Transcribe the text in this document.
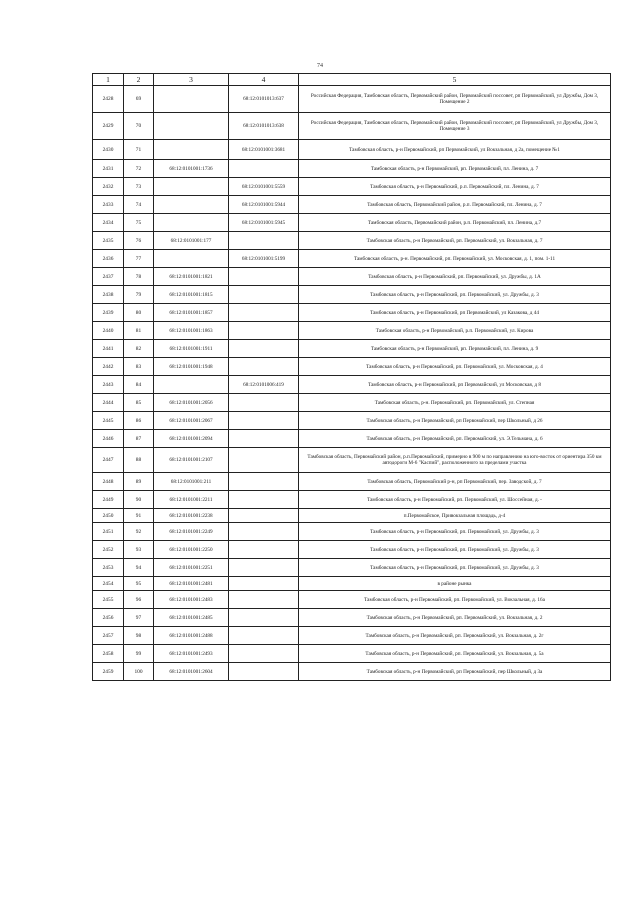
74
1	2	3	4	5
2428	69		68:12:0101013:637	Российская Федерация, Тамбовская область, Первомайский район, Первомайский поссовет, рп Первомайский, ул Дружбы, Дом 3, Помещение 2
2429	70		68:12:0101013:638	Российская Федерация, Тамбовская область, Первомайский район, Первомайский поссовет, рп Первомайский, ул Дружбы, Дом 3, Помещение 3
2430	71		68:12:0101001:3681	Тамбовская область, р-н Первомайский, рп Первомайский, ул Вокзальная, д 2а, помещение №1
2431	72	68:12:0101001:1736		Тамбовская область, р-н Первомайский, рп. Первомайский, пл. Ленина, д. 7
2432	73		68:12:0101001:5559	Тамбовская область, р-н Первомайский, р.п. Первомайский, пл. Ленина, д. 7
2433	74		68:12:0101001:5944	Тамбовская область, Первомайский район, р.п. Первомайский, пл. Ленина, д. 7
2434	75		68:12:0101001:5945	Тамбовская область, Первомайский район, р.п. Первомайский, пл. Ленина, д.7
2435	76	68:12:0101001:177		Тамбовская область, р-н Первомайский, рп. Первомайский, ул. Вокзальная, д. 7
2436	77		68:12:0101001:5199	Тамбовская область, р-н. Первомайский, рп. Первомайский, ул. Московская, д. 1, пом. 1-11
2437	78	68:12:0101001:1821		Тамбовская область, р-н Первомайский, рп. Первомайский, ул. Дружбы, д. 1А
2438	79	68:12:0101001:1815		Тамбовская область, р-н Первомайский, рп. Первомайский, ул. Дружбы, д. 3
2439	80	68:12:0101001:1857		Тамбовская область, р-н Первомайский, рп Первомайский, ул Казакова, д 44
2440	81	68:12:0101001:1863		Тамбовская область, р-н Первомайский, р.п. Первомайский, ул. Кирова
2441	82	68:12:0101001:1911		Тамбовская область, р-н Первомайский, рп. Первомайский, пл. Ленина, д. 9
2442	83	68:12:0101001:1948		Тамбовская область, р-н Первомайский, рп. Первомайский, ул. Московская, д. 4
2443	84		68:12:0101006:419	Тамбовская область, р-н Первомайский, рп Первомайский, ул Московская, д 8
2444	85	68:12:0101001:2056		Тамбовская область, р-н. Первомайский, рп. Первомайский, ул. Степная
2445	86	68:12:0101001:2067		Тамбовская область, р-н Первомайский, рп Первомайский, пер Школьный, д 26
2446	87	68:12:0101001:2094		Тамбовская область, р-н Первомайский, рп. Первомайский, ул. Э.Тельмана, д. 6
2447	88	68:12:0101001:2107		Тамбовская область, Первомайский район, р.п.Первомайский, примерно в 900 м по направлению на юго-восток от ориентира 350 км автодороги М-6 "Каспий", расположенного за пределами участка
2448	89	68:12:0101001:211		Тамбовская область, Первомайский р-н, рп Первомайский, пер. Заводской, д. 7
2449	90	68:12:0101001:2211		Тамбовская область, р-н Первомайский, рп. Первомайский, ул. Шоссейная, д. -
2450	91	68:12:0101001:2238		п.Первомайское, Привокзальная площадь, д-4
2451	92	68:12:0101001:2249		Тамбовская область, р-н Первомайский, рп. Первомайский, ул. Дружбы, д. 3
2452	93	68:12:0101001:2250		Тамбовская область, р-н Первомайский, рп. Первомайский, ул. Дружбы, д. 3
2453	94	68:12:0101001:2251		Тамбовская область, р-н Первомайский, рп. Первомайский, ул. Дружбы, д. 3
2454	95	68:12:0101001:2481		в районе рынка
2455	96	68:12:0101001:2483		Тамбовская область, р-н Первомайский, рп. Первомайский, ул. Вокзальная, д. 16а
2456	97	68:12:0101001:2485		Тамбовская область, р-н Первомайский, рп. Первомайский, ул. Вокзальная, д. 2
2457	98	68:12:0101001:2488		Тамбовская область, р-н Первомайский, рп. Первомайский, ул. Вокзальная, д. 2г
2458	99	68:12:0101001:2493		Тамбовская область, р-н Первомайский, рп. Первомайский, ул. Вокзальная, д. 5а
2459	100	68:12:0101001:2604		Тамбовская область, р-н Первомайский, рп Первомайский, пер Школьный, д 3а
